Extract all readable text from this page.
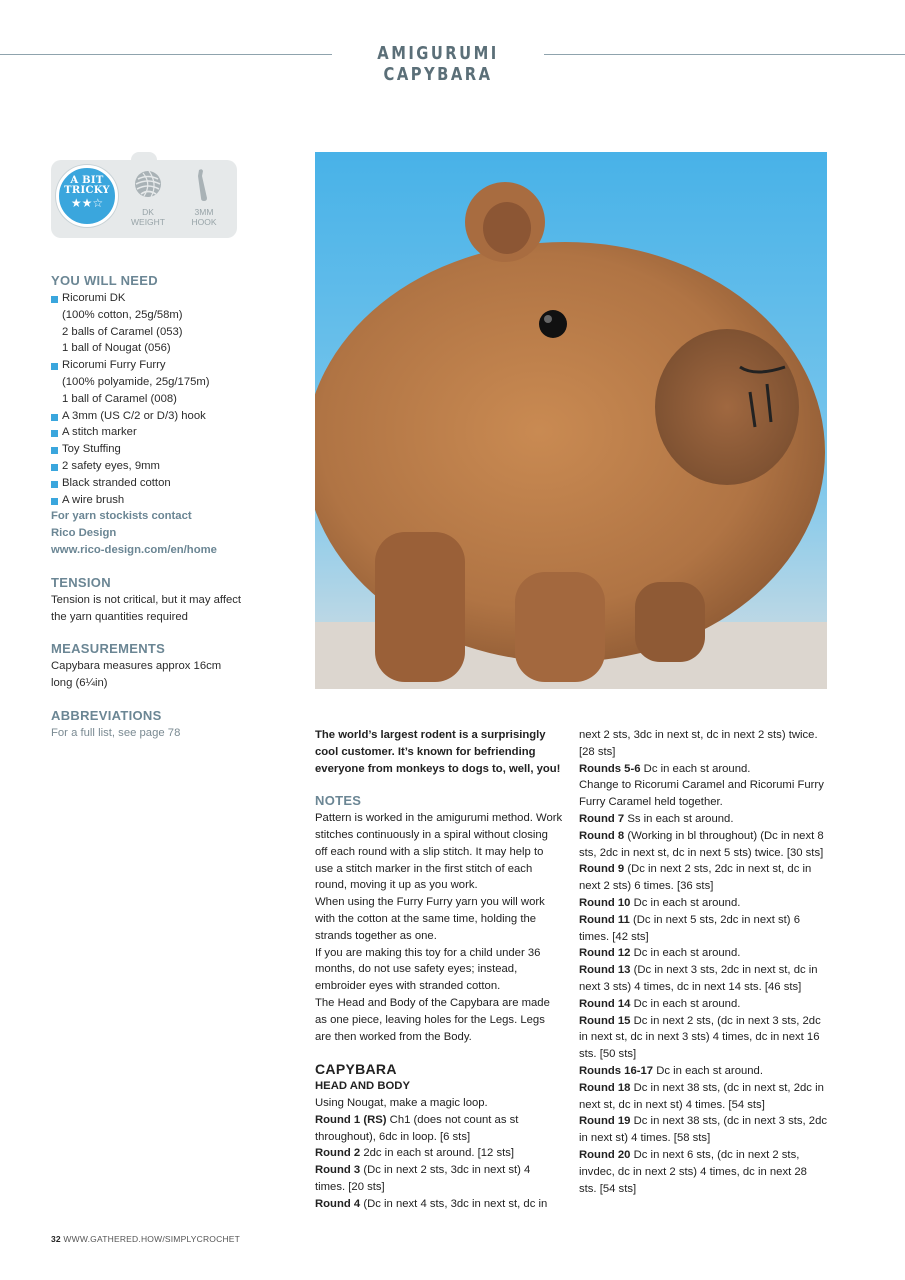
AMIGURUMI CAPYBARA
A BIT
TRICKY
★★☆
DK
WEIGHT
3MM
HOOK
YOU WILL NEED
Ricorumi DK
(100% cotton, 25g/58m)
2 balls of Caramel (053)
1 ball of Nougat (056)
Ricorumi Furry Furry
(100% polyamide, 25g/175m)
1 ball of Caramel (008)
A 3mm (US C/2 or D/3) hook
A stitch marker
Toy Stuffing
2 safety eyes, 9mm
Black stranded cotton
A wire brush
For yarn stockists contact
Rico Design
www.rico-design.com/en/home
TENSION
Tension is not critical, but it may affect the yarn quantities required
MEASUREMENTS
Capybara measures approx 16cm long (6¼in)
ABBREVIATIONS
For a full list, see page 78	The world’s largest rodent is a surprisingly cool customer. It’s known for befriending everyone from monkeys to dogs to, well, you!

NOTES

Pattern is worked in the amigurumi method. Work stitches continuously in a spiral without closing off each round with a slip stitch. It may help to use a stitch marker in the first stitch of each round, moving it up as you work.

When using the Furry Furry yarn you will work with the cotton at the same time, holding the strands together as one.

If you are making this toy for a child under 36 months, do not use safety eyes; instead, embroider eyes with stranded cotton.

The Head and Body of the Capybara are made as one piece, leaving holes for the Legs. Legs are then worked from the Body.

CAPYBARA
HEAD AND BODY

Using Nougat, make a magic loop.

Round 1 (RS) Ch1 (does not count as st throughout), 6dc in loop. [6 sts]

Round 2 2dc in each st around. [12 sts]

Round 3 (Dc in next 2 sts, 3dc in next st) 4 times. [20 sts]

Round 4 (Dc in next 4 sts, 3dc in next st, dc in

next 2 sts, 3dc in next st, dc in next 2 sts) twice. [28 sts]

Rounds 5-6 Dc in each st around.

Change to Ricorumi Caramel and Ricorumi Furry Furry Caramel held together.

Round 7 Ss in each st around.

Round 8 (Working in bl throughout) (Dc in next 8 sts, 2dc in next st, dc in next 5 sts) twice. [30 sts]

Round 9 (Dc in next 2 sts, 2dc in next st, dc in next 2 sts) 6 times. [36 sts]

Round 10 Dc in each st around.

Round 11 (Dc in next 5 sts, 2dc in next st) 6 times. [42 sts]

Round 12 Dc in each st around.

Round 13 (Dc in next 3 sts, 2dc in next st, dc in next 3 sts) 4 times, dc in next 14 sts. [46 sts]

Round 14 Dc in each st around.

Round 15 Dc in next 2 sts, (dc in next 3 sts, 2dc in next st, dc in next 3 sts) 4 times, dc in next 16 sts. [50 sts]

Rounds 16-17 Dc in each st around.

Round 18 Dc in next 38 sts, (dc in next st, 2dc in next st, dc in next st) 4 times. [54 sts]

Round 19 Dc in next 38 sts, (dc in next 3 sts, 2dc in next st) 4 times. [58 sts]

Round 20 Dc in next 6 sts, (dc in next 2 sts, invdec, dc in next 2 sts) 4 times, dc in next 28 sts. [54 sts]

32 WWW.GATHERED.HOW/SIMPLYCROCHET
